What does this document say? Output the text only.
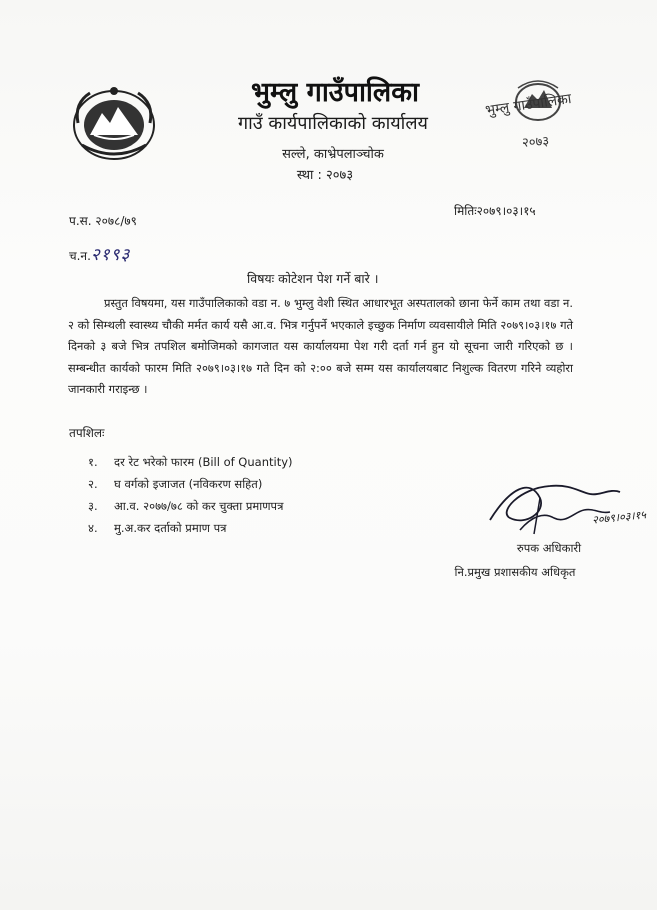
भुम्लु गाउँपालिका
गाउँ कार्यपालिकाको कार्यालय
सल्ले, काभ्रेपलाञ्चोक
स्था : २०७३
भुम्लु गाउँपालिका
२०७३
मितिः२०७९।०३।१५
प.स. २०७८/७९
च.न.२१९३
विषयः कोटेशन पेश गर्ने बारे ।

प्रस्तुत विषयमा, यस गाउँपालिकाको वडा न. ७ भुम्लु वेशी स्थित आधारभूत अस्पतालको छाना फेर्ने काम तथा वडा न. २ को सिम्थली स्वास्थ्य चौकी मर्मत कार्य यसै आ.व. भित्र गर्नुपर्ने भएकाले इच्छुक निर्माण व्यवसायीले मिति २०७९।०३।१७ गते दिनको ३ बजे भित्र तपशिल बमोजिमको कागजात यस कार्यालयमा पेश गरी दर्ता गर्न हुन यो सूचना जारी गरिएको छ । सम्बन्धीत कार्यको फारम मिति २०७९।०३।१७ गते दिन को २:०० बजे सम्म यस कार्यालयबाट निशुल्क वितरण गरिने व्यहोरा जानकारी गराइन्छ ।

तपशिलः
१. दर रेट भरेको फारम (Bill of Quantity)
२. घ वर्गको इजाजत (नविकरण सहित)
३. आ.व. २०७७/७८ को कर चुक्ता प्रमाणपत्र
४. मु.अ.कर दर्ताको प्रमाण पत्र
२०७९।०३।१५
रुपक अधिकारी
नि.प्रमुख प्रशासकीय अधिकृत
